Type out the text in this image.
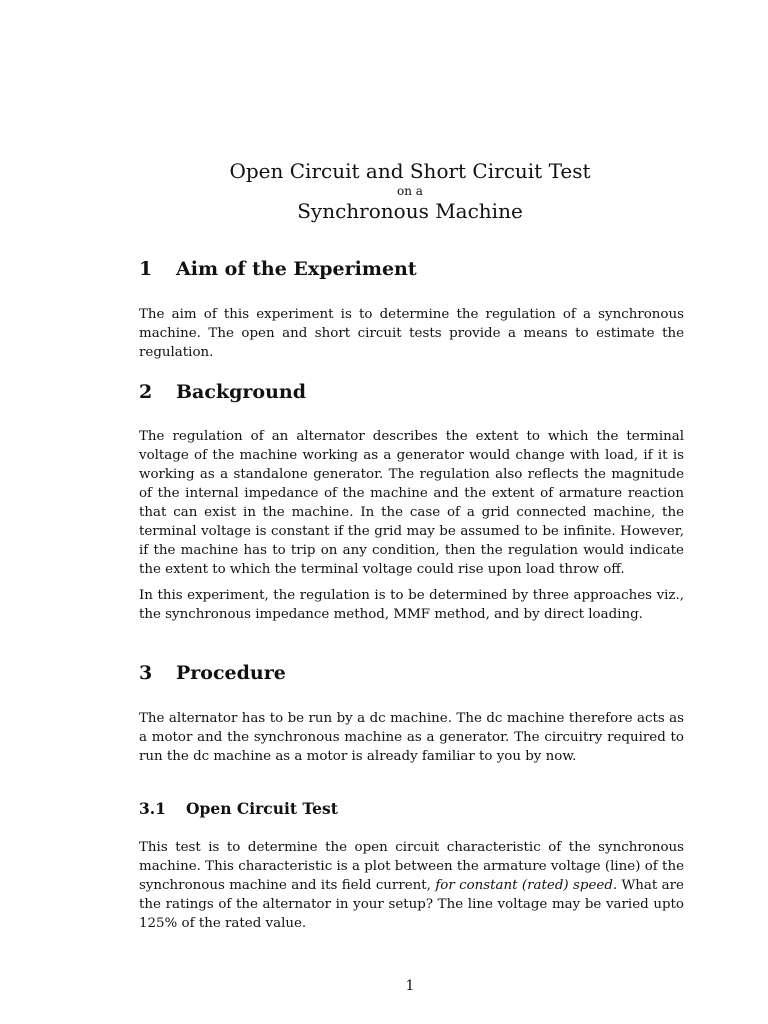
Open Circuit and Short Circuit Test
on a
Synchronous Machine
1 Aim of the Experiment

The aim of this experiment is to determine the regulation of a synchronous machine. The open and short circuit tests provide a means to estimate the regulation.

2 Background

The regulation of an alternator describes the extent to which the terminal voltage of the machine working as a generator would change with load, if it is working as a standalone generator. The regulation also reflects the magnitude of the internal impedance of the machine and the extent of armature reaction that can exist in the machine. In the case of a grid connected machine, the terminal voltage is constant if the grid may be assumed to be infinite. However, if the machine has to trip on any condition, then the regulation would indicate the extent to which the terminal voltage could rise upon load throw off.

In this experiment, the regulation is to be determined by three approaches viz., the synchronous impedance method, MMF method, and by direct loading.

3 Procedure

The alternator has to be run by a dc machine. The dc machine therefore acts as a motor and the synchronous machine as a generator. The circuitry required to run the dc machine as a motor is already familiar to you by now.

3.1 Open Circuit Test

This test is to determine the open circuit characteristic of the synchronous machine. This characteristic is a plot between the armature voltage (line) of the synchronous machine and its field current, for constant (rated) speed. What are the ratings of the alternator in your setup? The line voltage may be varied upto 125% of the rated value.

1
